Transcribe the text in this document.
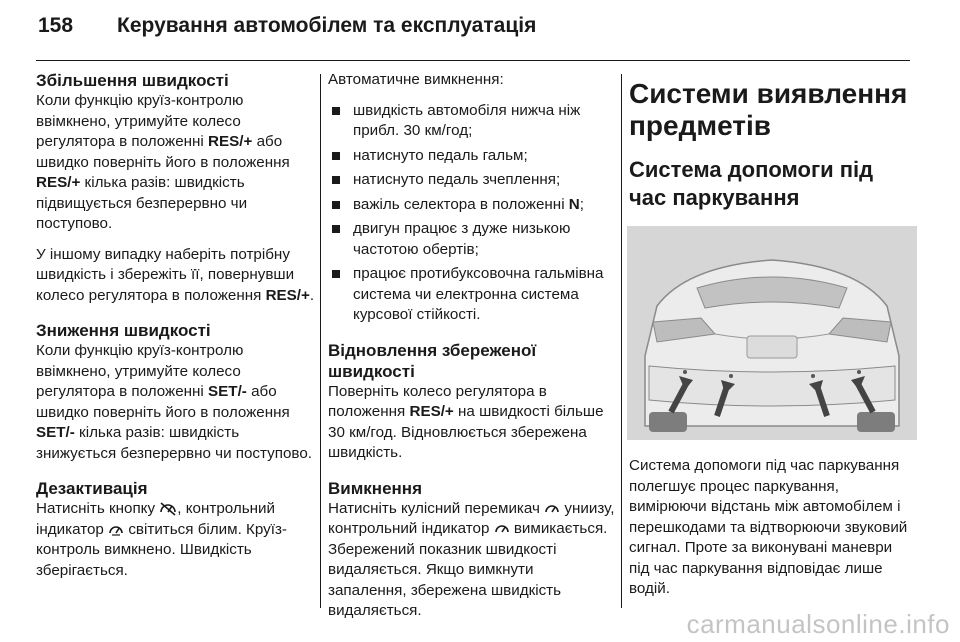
158 Керування автомобілем та експлуатація
Збільшення швидкості

Коли функцію круїз-контролю ввімкнено, утримуйте колесо регулятора в положенні RES/+ або швидко поверніть його в положення RES/+ кілька разів: швидкість підвищується безперервно чи поступово.

У іншому випадку наберіть потрібну швидкість і збережіть її, повернувши колесо регулятора в положення RES/+.

Зниження швидкості

Коли функцію круїз-контролю ввімкнено, утримуйте колесо регулятора в положенні SET/- або швидко поверніть його в положення SET/- кілька разів: швидкість знижується безперервно чи поступово.

Дезактивація

Натисніть кнопку , контрольний індикатор  світиться білим. Круїз-контроль вимкнено. Швидкість зберігається.

Автоматичне вимкнення:

швидкість автомобіля нижча ніж прибл. 30 км/год;
натиснуто педаль гальм;
натиснуто педаль зчеплення;
важіль селектора в положенні N;
двигун працює з дуже низькою частотою обертів;
працює протибуксовочна гальмівна система чи електронна система курсової стійкості.
Відновлення збереженої швидкості

Поверніть колесо регулятора в положення RES/+ на швидкості більше 30 км/год. Відновлюється збережена швидкість.

Вимкнення

Натисніть кулісний перемикач  униизу, контрольний індикатор  вимикається. Збережений показник швидкості видаляється. Якщо вимкнути запалення, збережена швидкість видаляється.

Системи виявлення предметів
Система допомоги під час паркування

Система допомоги під час паркування полегшує процес паркування, вимірюючи відстань між автомобілем і перешкодами та відтворюючи звуковий сигнал. Проте за виконувані маневри під час паркування відповідає лише водій.

carmanualsonline.info
